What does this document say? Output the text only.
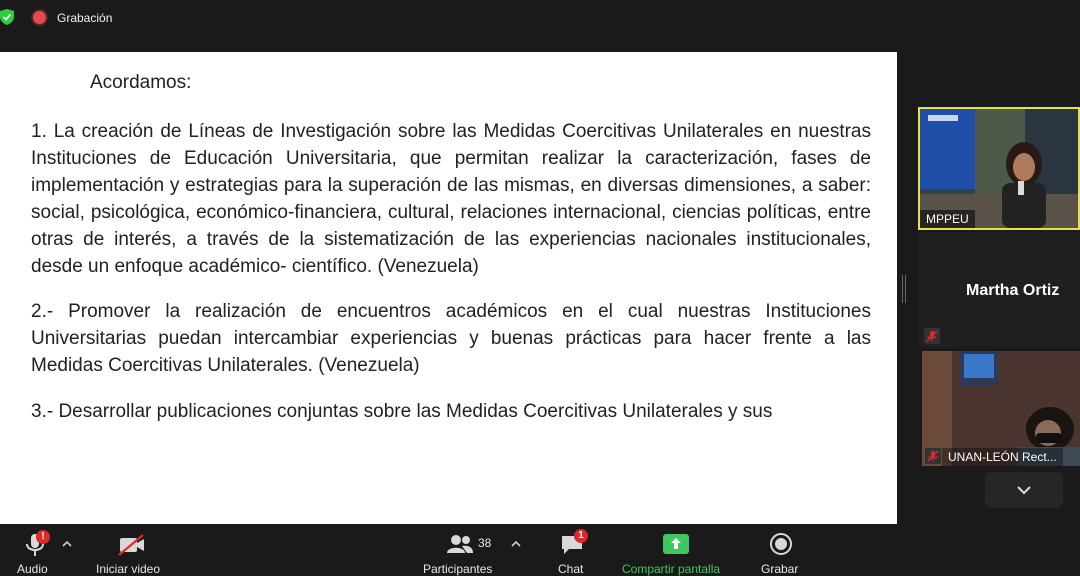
Grabación
Acordamos:
1. La creación de Líneas de Investigación sobre las Medidas Coercitivas Unilaterales en nuestras Instituciones de Educación Universitaria, que permitan realizar la caracterización, fases de implementación y estrategias para la superación de las mismas, en diversas dimensiones, a saber: social, psicológica, económico-financiera, cultural, relaciones internacional, ciencias políticas, entre otras de interés, a través de la sistematización de las experiencias nacionales institucionales, desde un enfoque académico- científico. (Venezuela)
2.- Promover la realización de encuentros académicos en el cual nuestras Instituciones Universitarias puedan intercambiar experiencias y buenas prácticas para hacer frente a las Medidas Coercitivas Unilaterales. (Venezuela)
3.- Desarrollar publicaciones conjuntas sobre las Medidas Coercitivas Unilaterales y sus
MPPEU
Martha Ortiz
UNAN-LEÓN Rect...
!
Audio	Iniciar video
38
Participantes
1
Chat	Compartir pantalla	Grabar
